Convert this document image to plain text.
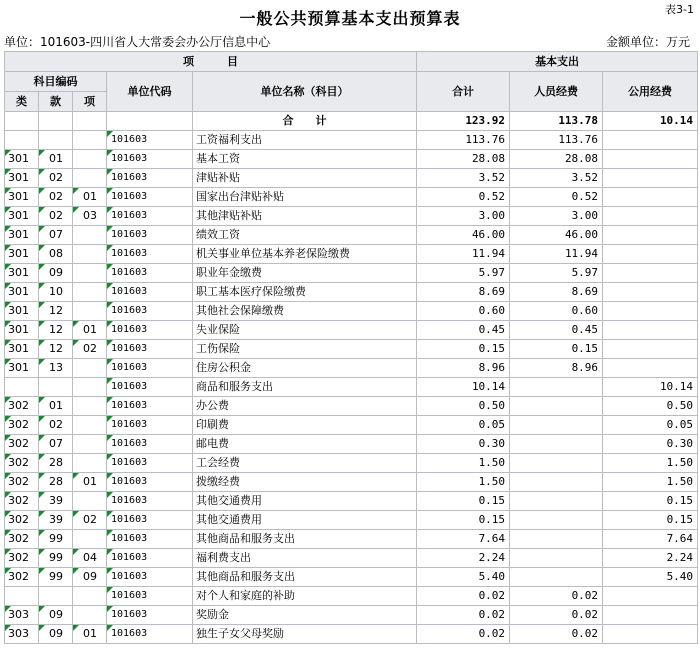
表3-1
一般公共预算基本支出预算表
单位：101603-四川省人大常委会办公厅信息中心	金额单位：万元
项　　　目					基本支出		
科目编码			单位代码	单位名称（科目）	合计	人员经费	公用经费
类	款	项					
				合　　计	123.92	113.78	10.14
			101603	工资福利支出	113.76	113.76	
301	01		101603	基本工资	28.08	28.08	
301	02		101603	津贴补贴	3.52	3.52	
301	02	01	101603	国家出台津贴补贴	0.52	0.52	
301	02	03	101603	其他津贴补贴	3.00	3.00	
301	07		101603	绩效工资	46.00	46.00	
301	08		101603	机关事业单位基本养老保险缴费	11.94	11.94	
301	09		101603	职业年金缴费	5.97	5.97	
301	10		101603	职工基本医疗保险缴费	8.69	8.69	
301	12		101603	其他社会保障缴费	0.60	0.60	
301	12	01	101603	失业保险	0.45	0.45	
301	12	02	101603	工伤保险	0.15	0.15	
301	13		101603	住房公积金	8.96	8.96	
			101603	商品和服务支出	10.14		10.14
302	01		101603	办公费	0.50		0.50
302	02		101603	印刷费	0.05		0.05
302	07		101603	邮电费	0.30		0.30
302	28		101603	工会经费	1.50		1.50
302	28	01	101603	拨缴经费	1.50		1.50
302	39		101603	其他交通费用	0.15		0.15
302	39	02	101603	其他交通费用	0.15		0.15
302	99		101603	其他商品和服务支出	7.64		7.64
302	99	04	101603	福利费支出	2.24		2.24
302	99	09	101603	其他商品和服务支出	5.40		5.40
			101603	对个人和家庭的补助	0.02	0.02	
303	09		101603	奖励金	0.02	0.02	
303	09	01	101603	独生子女父母奖励	0.02	0.02	
